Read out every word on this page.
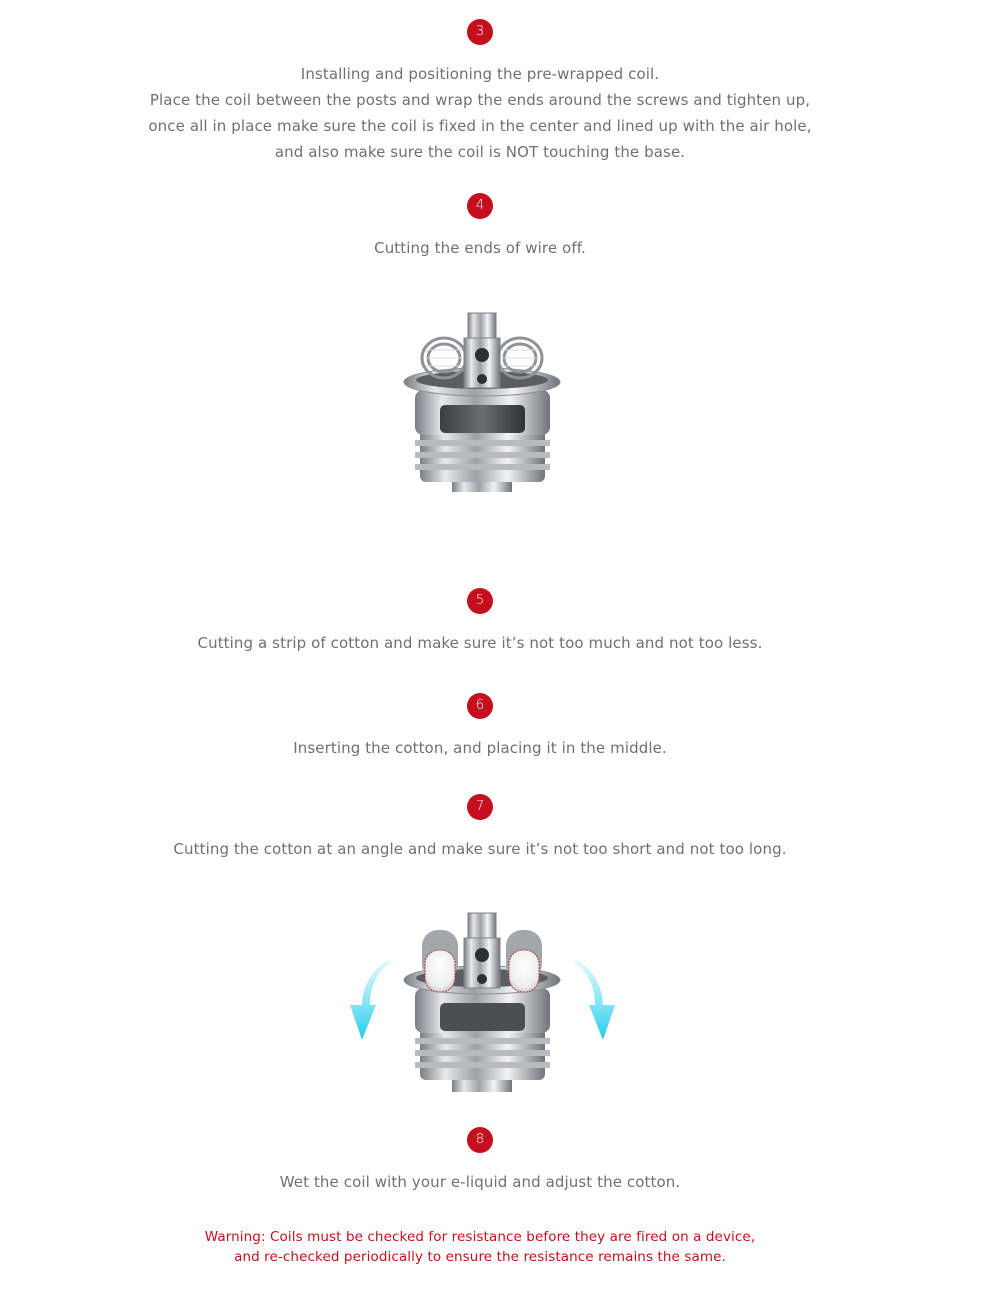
3
Installing and positioning the pre-wrapped coil.
Place the coil between the posts and wrap the ends around the screws and tighten up,
once all in place make sure the coil is fixed in the center and lined up with the air hole,
and also make sure the coil is NOT touching the base.
4
Cutting the ends of wire off.
5
Cutting a strip of cotton and make sure it’s not too much and not too less.
6
Inserting the cotton, and placing it in the middle.
7
Cutting the cotton at an angle and make sure it’s not too short and not too long.
8
Wet the coil with your e-liquid and adjust the cotton.
Warning: Coils must be checked for resistance before they are fired on a device,
and re-checked periodically to ensure the resistance remains the same.
